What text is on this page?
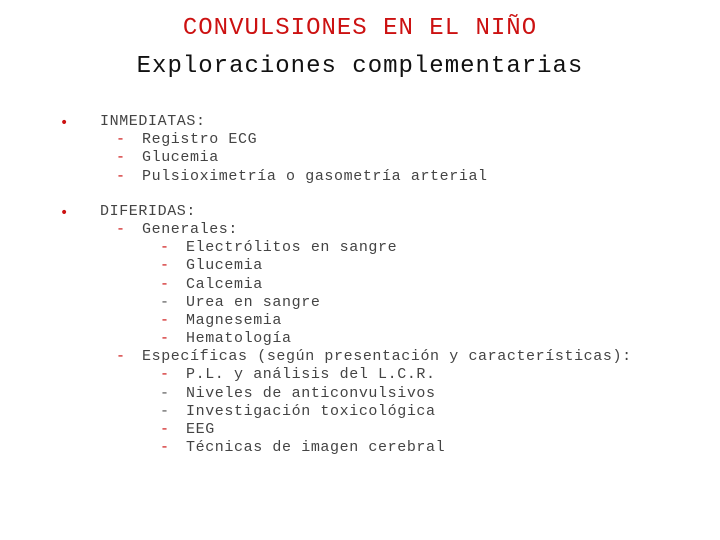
CONVULSIONES EN EL NIÑO
Exploraciones complementarias
• INMEDIATAS:
- Registro ECG
- Glucemia
- Pulsioximetría o gasometría arterial
• DIFERIDAS:
- Generales:
- Electrólitos en sangre
- Glucemia
- Calcemia
- Urea en sangre
- Magnesemia
- Hematología
- Específicas (según presentación y características):
- P.L. y análisis del L.C.R.
- Niveles de anticonvulsivos
- Investigación toxicológica
- EEG
- Técnicas de imagen cerebral
